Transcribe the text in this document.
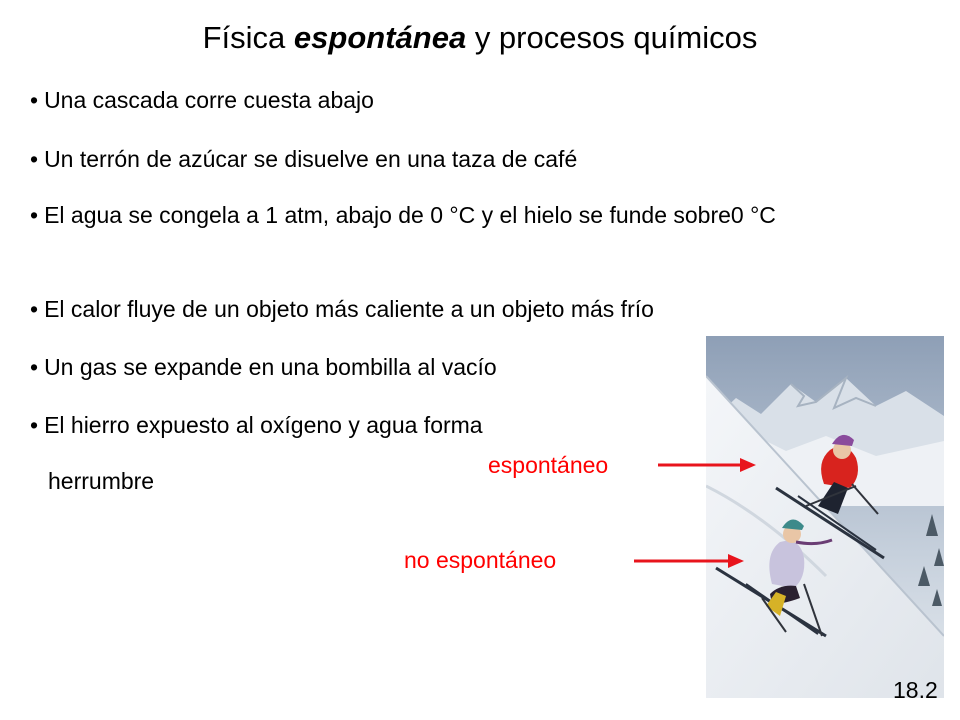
Física espontánea y procesos químicos
• Una cascada corre cuesta abajo
• Un terrón de azúcar se disuelve en una taza de café
• El agua se congela a 1 atm, abajo de 0 °C y el hielo se funde sobre0 °C
• El calor fluye de un objeto más caliente a un objeto más frío
• Un gas se expande en una bombilla al vacío
• El hierro expuesto al oxígeno y agua forma
herrumbre
espontáneo
no espontáneo
18.2
